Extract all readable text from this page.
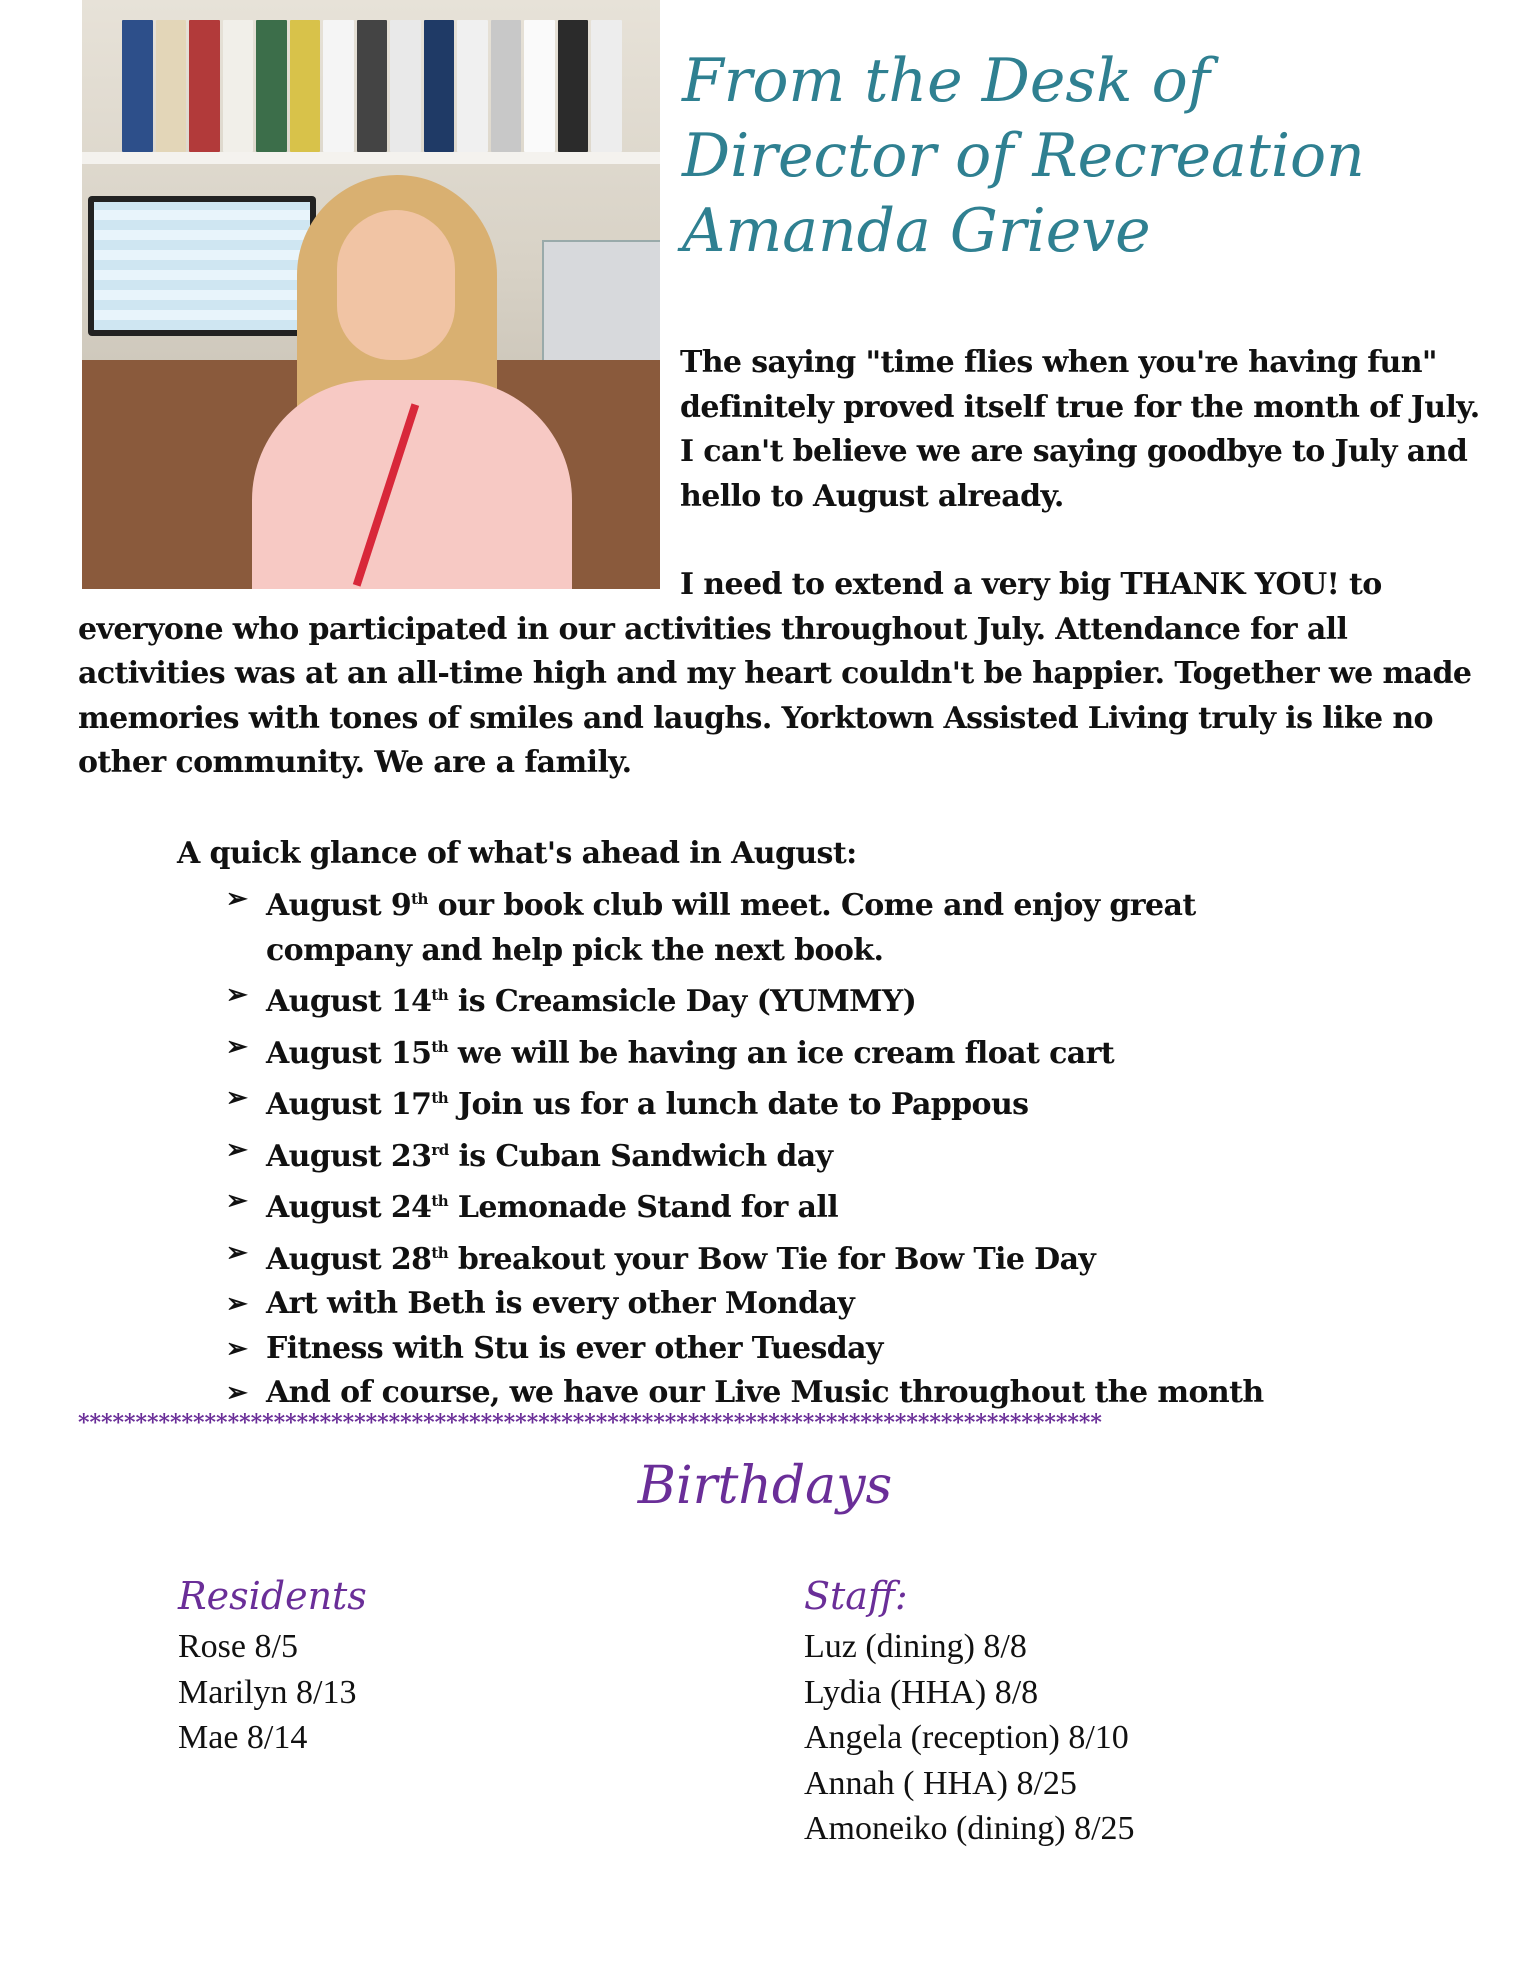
From the Desk of
Director of Recreation
Amanda Grieve

The saying "time flies when you're having fun" definitely proved itself true for the month of July. I can't believe we are saying goodbye to July and hello to August already.

I need to extend a very big THANK YOU! to everyone who participated in our activities throughout July. Attendance for all activities was at an all-time high and my heart couldn't be happier. Together we made memories with tones of smiles and laughs. Yorktown Assisted Living truly is like no other community. We are a family.

A quick glance of what's ahead in August:

➢ August 9th our book club will meet. Come and enjoy great
company and help pick the next book.
➢ August 14th is Creamsicle Day (YUMMY)
➢ August 15th we will be having an ice cream float cart
➢ August 17th Join us for a lunch date to Pappous
➢ August 23rd is Cuban Sandwich day
➢ August 24th Lemonade Stand for all
➢ August 28th breakout your Bow Tie for Bow Tie Day
➢ Art with Beth is every other Monday
➢ Fitness with Stu is ever other Tuesday
➢ And of course, we have our Live Music throughout the month

*****************************************************************************************

Birthdays
Residents
Rose 8/5
Marilyn 8/13
Mae 8/14
Staff:
Luz (dining) 8/8
Lydia (HHA) 8/8
Angela (reception) 8/10
Annah ( HHA) 8/25
Amoneiko (dining) 8/25
